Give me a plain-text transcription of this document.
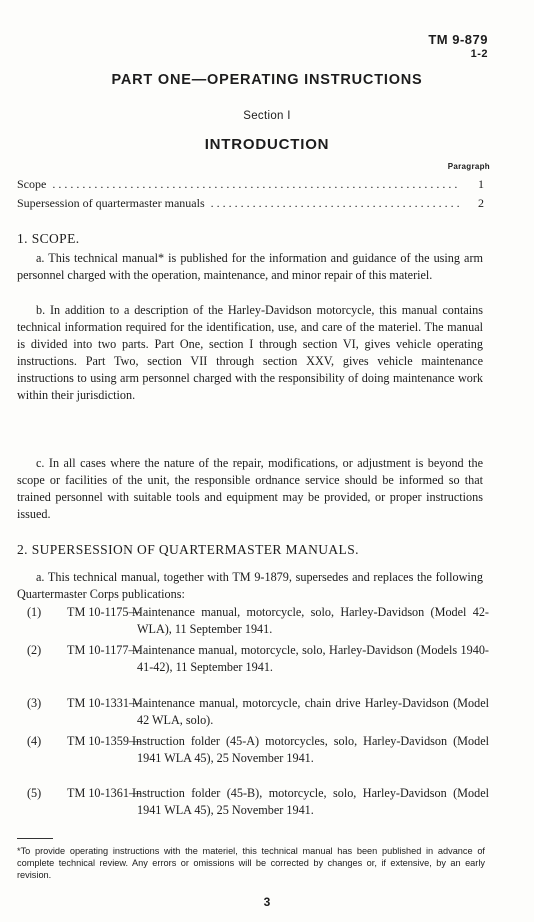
TM 9-879
1-2
PART ONE—OPERATING INSTRUCTIONS
Section I
INTRODUCTION
Paragraph
Scope . . .	1
Supersession of quartermaster manuals . . .	2
1. SCOPE.
a. This technical manual* is published for the information and guidance of the using arm personnel charged with the operation, maintenance, and minor repair of this materiel.
b. In addition to a description of the Harley-Davidson motorcycle, this manual contains technical information required for the identification, use, and care of the materiel. The manual is divided into two parts. Part One, section I through section VI, gives vehicle operating instructions. Part Two, section VII through section XXV, gives vehicle maintenance instructions to using arm personnel charged with the responsibility of doing maintenance work within their jurisdiction.
c. In all cases where the nature of the repair, modifications, or adjustment is beyond the scope or facilities of the unit, the responsible ordnance service should be informed so that trained personnel with suitable tools and equipment may be provided, or proper instructions issued.
2. SUPERSESSION OF QUARTERMASTER MANUALS.
a. This technical manual, together with TM 9-1879, supersedes and replaces the following Quartermaster Corps publications:
(1) TM 10-1175—
Maintenance manual, motorcycle, solo, Harley-Davidson (Model 42-WLA), 11 September 1941.
(2) TM 10-1177—
Maintenance manual, motorcycle, solo, Harley-Davidson (Models 1940-41-42), 11 September 1941.
(3) TM 10-1331—
Maintenance manual, motorcycle, chain drive Harley-Davidson (Model 42 WLA, solo).
(4) TM 10-1359—
Instruction folder (45-A) motorcycles, solo, Harley-Davidson (Model 1941 WLA 45), 25 November 1941.
(5) TM 10-1361—
Instruction folder (45-B), motorcycle, solo, Harley-Davidson (Model 1941 WLA 45), 25 November 1941.
*To provide operating instructions with the materiel, this technical manual has been published in advance of complete technical review. Any errors or omissions will be corrected by changes or, if extensive, by an early revision.
3
